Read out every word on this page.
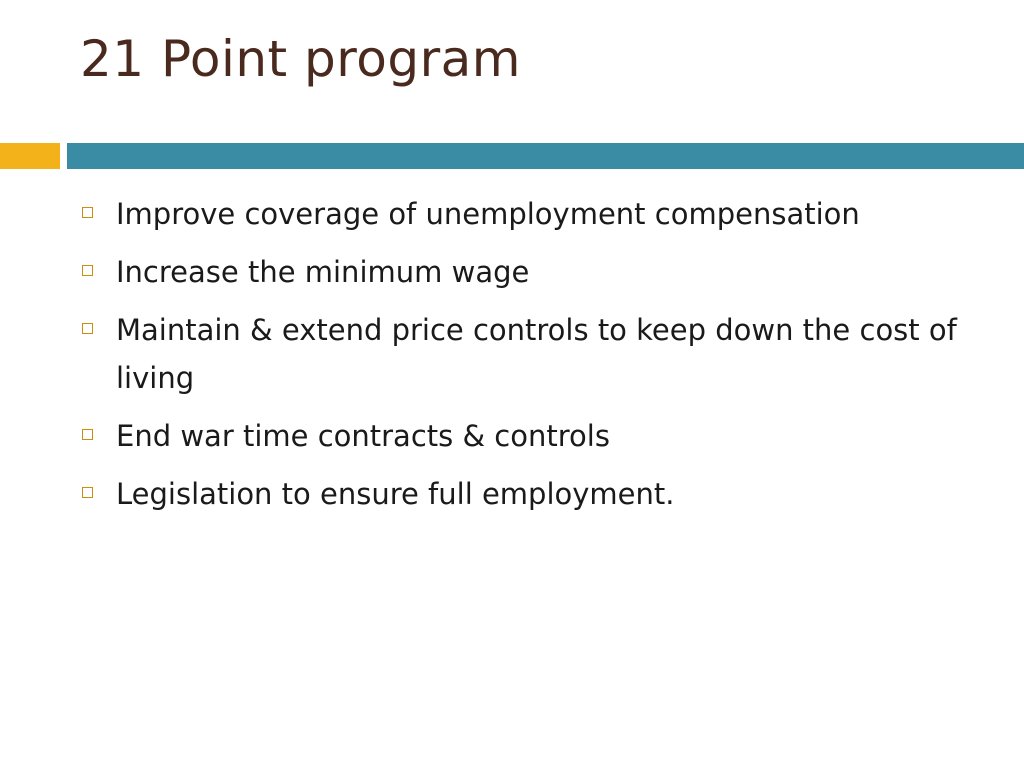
21 Point program
Improve coverage of unemployment compensation
Increase the minimum wage
Maintain & extend price controls to keep down the cost of living
End war time contracts & controls
Legislation to ensure full employment.
